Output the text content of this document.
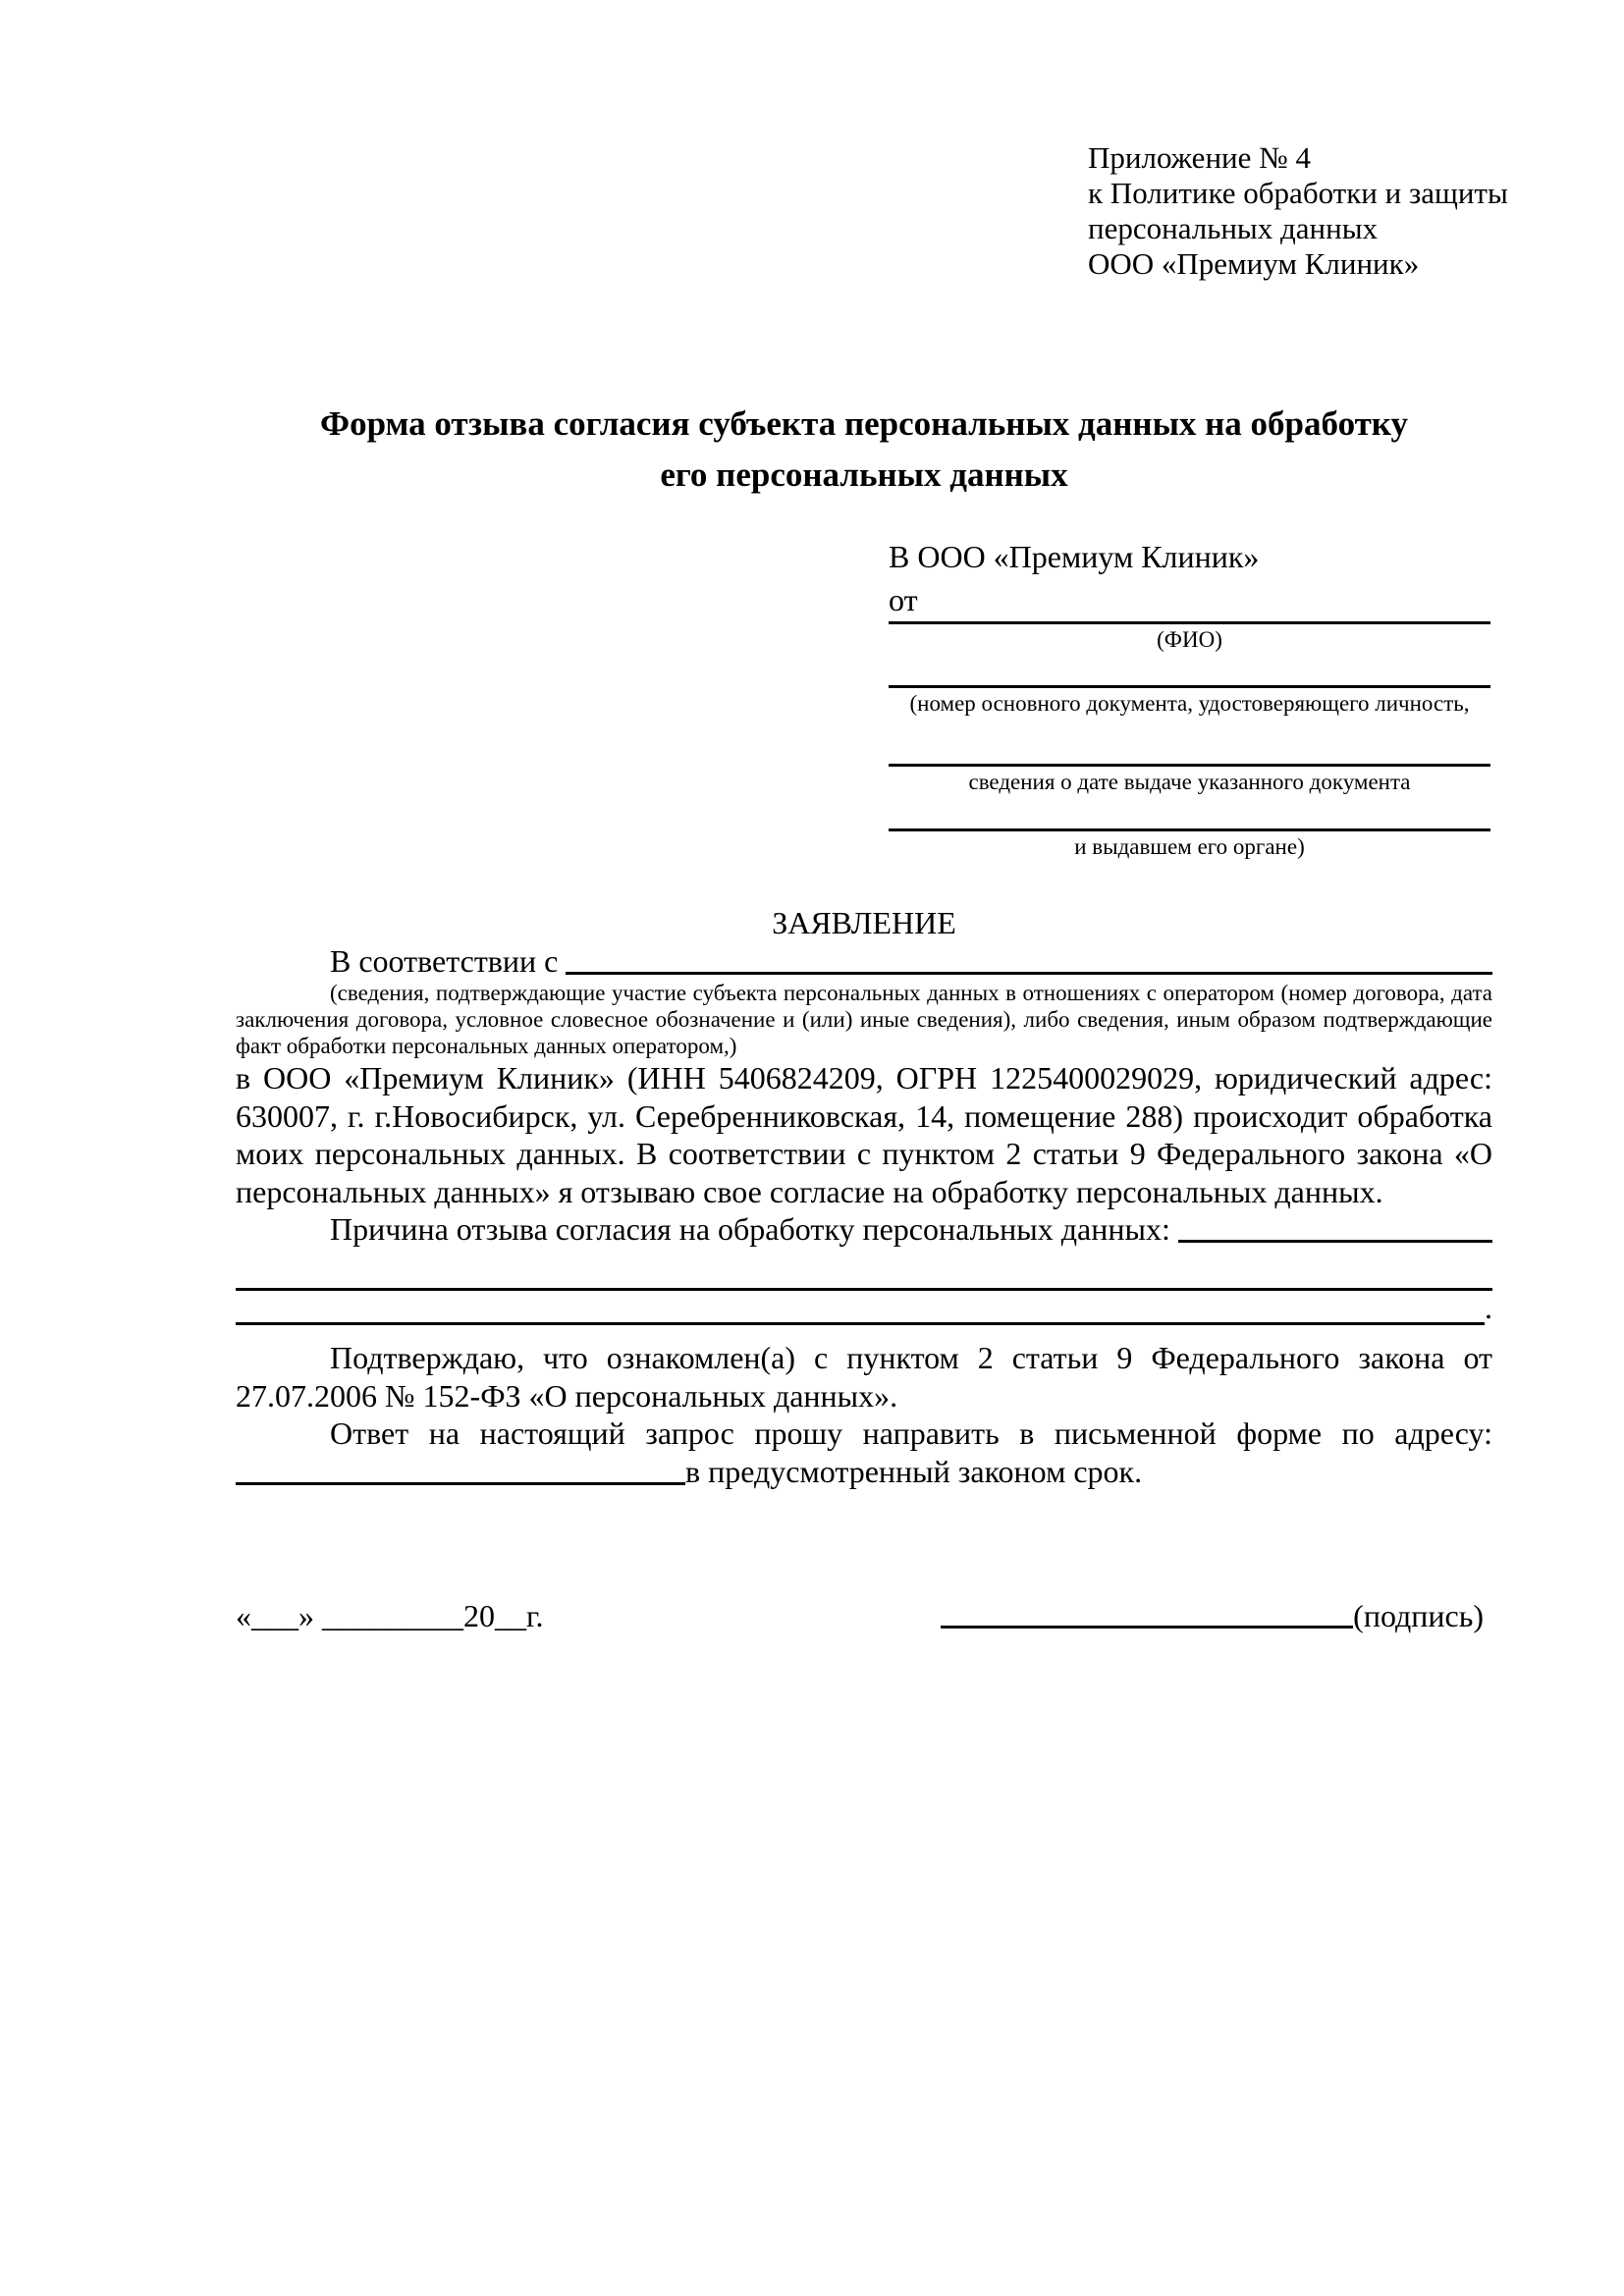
Приложение № 4
к Политике обработки и защиты
персональных данных
ООО «Премиум Клиник»
Форма отзыва согласия субъекта персональных данных на обработку
его персональных данных
В ООО «Премиум Клиник»
от
(ФИО)
(номер основного документа, удостоверяющего личность,
сведения о дате выдаче указанного документа
и выдавшем его органе)
ЗАЯВЛЕНИЕ
В соответствии с

(сведения, подтверждающие участие субъекта персональных данных в отношениях с оператором (номер договора, дата заключения договора, условное словесное обозначение и (или) иные сведения), либо сведения, иным образом подтверждающие факт обработки персональных данных оператором,)
в ООО «Премиум Клиник» (ИНН 5406824209, ОГРН 1225400029029, юридический адрес: 630007, г. г.Новосибирск, ул. Серебренниковская, 14, помещение 288) происходит обработка моих персональных данных. В соответствии с пунктом 2 статьи 9 Федерального закона «О персональных данных» я отзываю свое согласие на обработку персональных данных.
Причина отзыва согласия на обработку персональных данных:

.
Подтверждаю, что ознакомлен(а) с пунктом 2 статьи 9 Федерального закона от 27.07.2006 № 152-ФЗ «О персональных данных».
Ответ на настоящий запрос прошу направить в письменной форме по адресу:
в предусмотренный законом срок.
«___» _________20__г.	(подпись)
